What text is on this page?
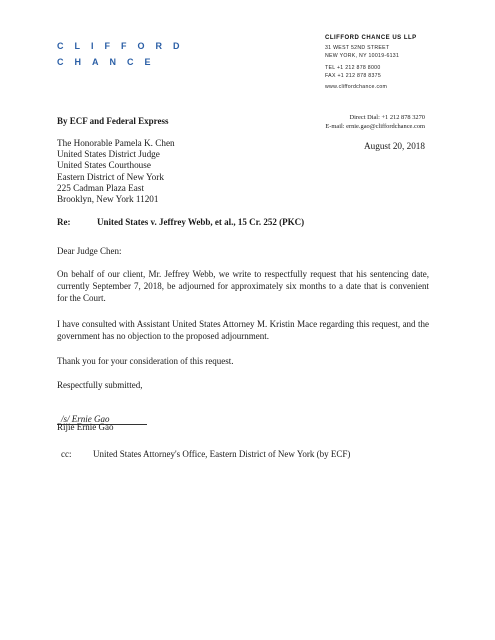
CLIFFORD
CHANCE
CLIFFORD CHANCE US LLP
31 WEST 52ND STREET
NEW YORK, NY 10019-6131
TEL +1 212 878 8000
FAX +1 212 878 8375
www.cliffordchance.com
By ECF and Federal Express	Direct Dial: +1 212 878 3270
E-mail: ernie.gao@cliffordchance.com
The Honorable Pamela K. Chen
United States District Judge
United States Courthouse
Eastern District of New York
225 Cadman Plaza East
Brooklyn, New York 11201
August 20, 2018
Re:	United States v. Jeffrey Webb, et al., 15 Cr. 252 (PKC)
Dear Judge Chen:
On behalf of our client, Mr. Jeffrey Webb, we write to respectfully request that his sentencing date, currently September 7, 2018, be adjourned for approximately six months to a date that is convenient for the Court.
I have consulted with Assistant United States Attorney M. Kristin Mace regarding this request, and the government has no objection to the proposed adjournment.
Thank you for your consideration of this request.
Respectfully submitted,
/s/ Ernie Gao
Rijie Ernie Gao
cc: United States Attorney's Office, Eastern District of New York (by ECF)
